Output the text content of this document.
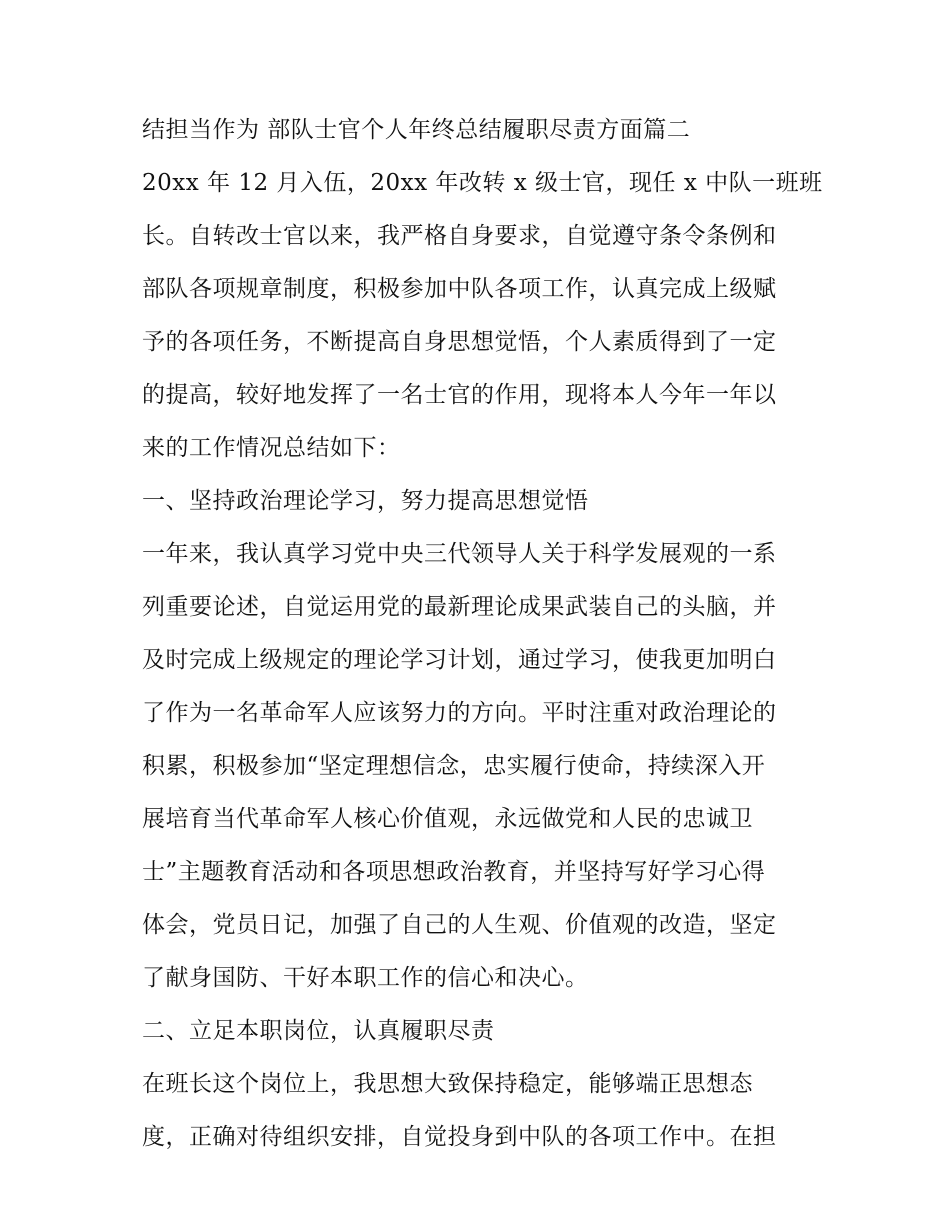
结担当作为 部队士官个人年终总结履职尽责方面篇二

20xx 年 12 月入伍，20xx 年改转 x 级士官，现任 x 中队一班班

长。自转改士官以来，我严格自身要求，自觉遵守条令条例和

部队各项规章制度，积极参加中队各项工作，认真完成上级赋

予的各项任务，不断提高自身思想觉悟，个人素质得到了一定

的提高，较好地发挥了一名士官的作用，现将本人今年一年以

来的工作情况总结如下：

一、坚持政治理论学习，努力提高思想觉悟

一年来，我认真学习党中央三代领导人关于科学发展观的一系

列重要论述，自觉运用党的最新理论成果武装自己的头脑，并

及时完成上级规定的理论学习计划，通过学习，使我更加明白

了作为一名革命军人应该努力的方向。平时注重对政治理论的

积累，积极参加“坚定理想信念，忠实履行使命，持续深入开

展培育当代革命军人核心价值观，永远做党和人民的忠诚卫

士”主题教育活动和各项思想政治教育，并坚持写好学习心得

体会，党员日记，加强了自己的人生观、价值观的改造，坚定

了献身国防、干好本职工作的信心和决心。

二、立足本职岗位，认真履职尽责

在班长这个岗位上，我思想大致保持稳定，能够端正思想态

度，正确对待组织安排，自觉投身到中队的各项工作中。在担
